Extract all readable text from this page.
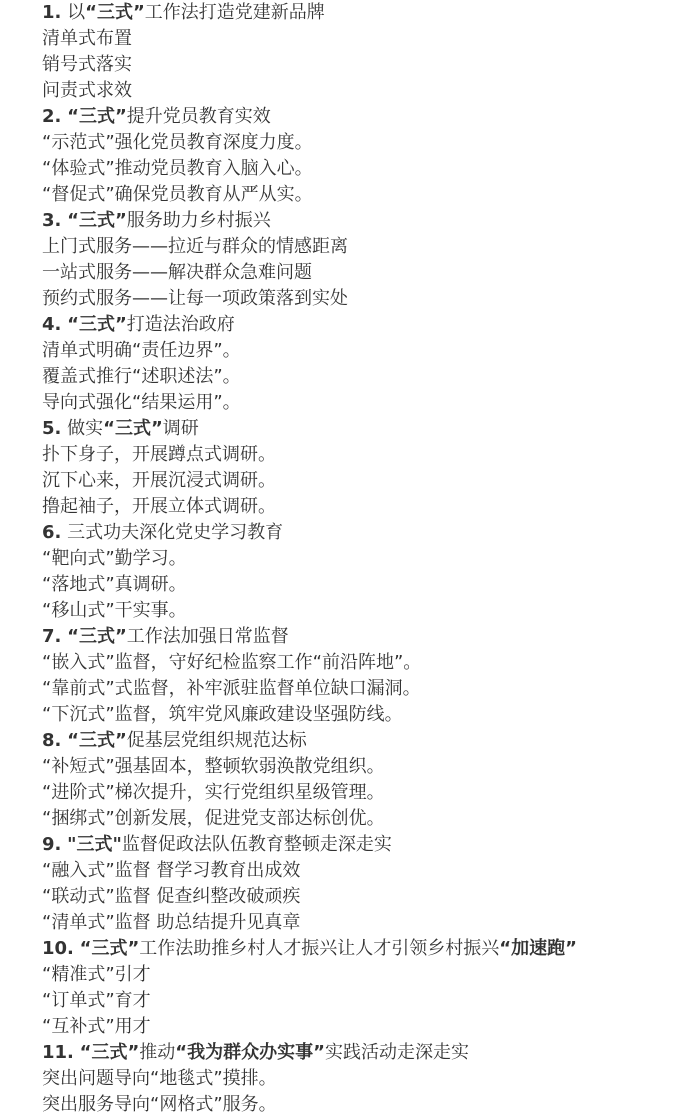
1. 以“三式”工作法打造党建新品牌
清单式布置
销号式落实
问责式求效
2. “三式”提升党员教育实效
“示范式”强化党员教育深度力度。
“体验式”推动党员教育入脑入心。
“督促式”确保党员教育从严从实。
3. “三式”服务助力乡村振兴
上门式服务——拉近与群众的情感距离
一站式服务——解决群众急难问题
预约式服务——让每一项政策落到实处
4. “三式”打造法治政府
清单式明确“责任边界”。
覆盖式推行“述职述法”。
导向式强化“结果运用”。
5. 做实“三式”调研
扑下身子，开展蹲点式调研。
沉下心来，开展沉浸式调研。
撸起袖子，开展立体式调研。
6. 三式功夫深化党史学习教育
“靶向式”勤学习。
“落地式”真调研。
“移山式”干实事。
7. “三式”工作法加强日常监督
“嵌入式”监督，守好纪检监察工作“前沿阵地”。
“靠前式”式监督，补牢派驻监督单位缺口漏洞。
“下沉式”监督，筑牢党风廉政建设坚强防线。
8. “三式”促基层党组织规范达标
“补短式”强基固本，整顿软弱涣散党组织。
“进阶式”梯次提升，实行党组织星级管理。
“捆绑式”创新发展，促进党支部达标创优。
9. "三式"监督促政法队伍教育整顿走深走实
“融入式”监督 督学习教育出成效
“联动式”监督 促查纠整改破顽疾
“清单式”监督 助总结提升见真章
10. “三式”工作法助推乡村人才振兴让人才引领乡村振兴“加速跑”
“精准式”引才
“订单式”育才
“互补式”用才
11. “三式”推动“我为群众办实事”实践活动走深走实
突出问题导向“地毯式”摸排。
突出服务导向“网格式”服务。
